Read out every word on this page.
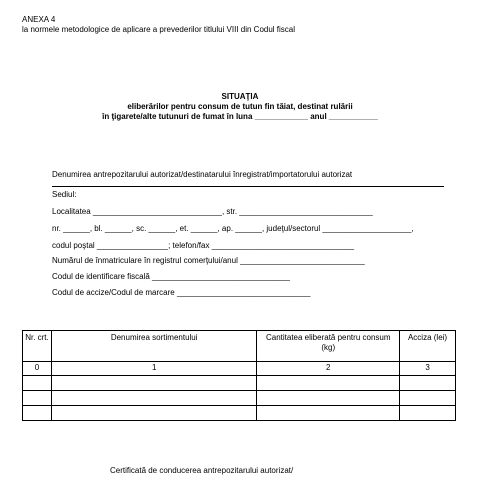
ANEXA 4
la normele metodologice de aplicare a prevederilor titlului VIII din Codul fiscal
SITUAŢIA
eliberărilor pentru consum de tutun fin tăiat, destinat rulării
în ţigarete/alte tutunuri de fumat în luna ____________ anul ___________
Denumirea antrepozitarului autorizat/destinatarului înregistrat/importatorului autorizat
Sediul:
Localitatea _____________________________, str. ______________________________
nr. ______, bl. ______, sc. ______, et. ______, ap. ______, judeţul/sectorul ____________________,
codul poştal ________________; telefon/fax ________________________________
Numărul de înmatriculare în registrul comerţului/anul ____________________________
Codul de identificare fiscală _______________________________
Codul de accize/Codul de marcare ______________________________
Nr. crt.	Denumirea sortimentului	Cantitatea eliberată pentru consum (kg)	Acciza (lei)
0	1	2	3

Certificată de conducerea antrepozitarului autorizat/
